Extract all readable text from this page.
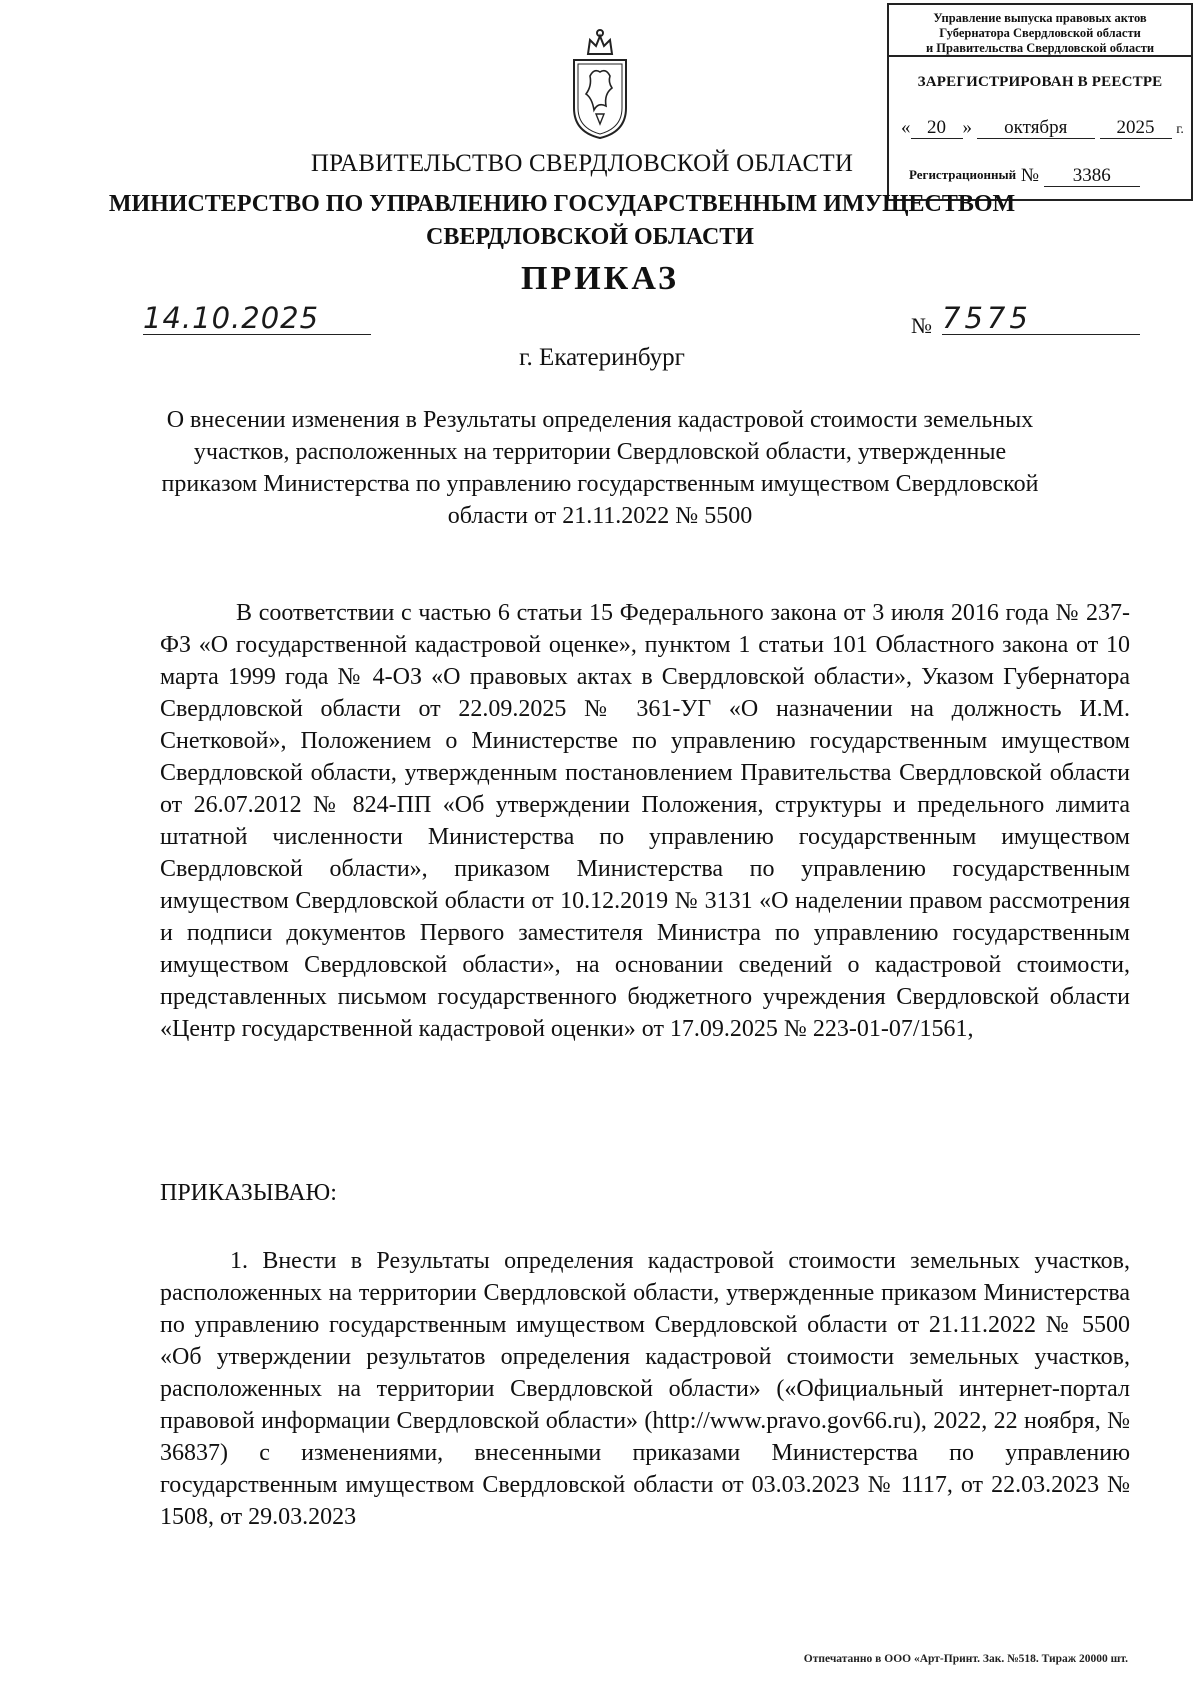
Управление выпуска правовых актов
Губернатора Свердловской области
и Правительства Свердловской области
ЗАРЕГИСТРИРОВАН В РЕЕСТРЕ
« 20 » октября	2025 г.
Регистрационный № 3386
ПРАВИТЕЛЬСТВО СВЕРДЛОВСКОЙ ОБЛАСТИ
МИНИСТЕРСТВО ПО УПРАВЛЕНИЮ ГОСУДАРСТВЕННЫМ ИМУЩЕСТВОМ
СВЕРДЛОВСКОЙ ОБЛАСТИ
ПРИКАЗ
14.10.2025	№ 7575
г. Екатеринбург
О внесении изменения в Результаты определения кадастровой стоимости земельных участков, расположенных на территории Свердловской области, утвержденные приказом Министерства по управлению государственным имуществом Свердловской области от 21.11.2022 № 5500

В соответствии с частью 6 статьи 15 Федерального закона от 3 июля 2016 года № 237-ФЗ «О государственной кадастровой оценке», пунктом 1 статьи 101 Областного закона от 10 марта 1999 года № 4-ОЗ «О правовых актах в Свердловской области», Указом Губернатора Свердловской области от 22.09.2025 № 361-УГ «О назначении на должность И.М. Снетковой», Положением о Министерстве по управлению государственным имуществом Свердловской области, утвержденным постановлением Правительства Свердловской области от 26.07.2012 № 824-ПП «Об утверждении Положения, структуры и предельного лимита штатной численности Министерства по управлению государственным имуществом Свердловской области», приказом Министерства по управлению государственным имуществом Свердловской области от 10.12.2019 № 3131 «О наделении правом рассмотрения и подписи документов Первого заместителя Министра по управлению государственным имуществом Свердловской области», на основании сведений о кадастровой стоимости, представленных письмом государственного бюджетного учреждения Свердловской области «Центр государственной кадастровой оценки» от 17.09.2025 № 223-01-07/1561,

ПРИКАЗЫВАЮ:

1. Внести в Результаты определения кадастровой стоимости земельных участков, расположенных на территории Свердловской области, утвержденные приказом Министерства по управлению государственным имуществом Свердловской области от 21.11.2022 № 5500 «Об утверждении результатов определения кадастровой стоимости земельных участков, расположенных на территории Свердловской области» («Официальный интернет-портал правовой информации Свердловской области» (http://www.pravo.gov66.ru), 2022, 22 ноября, № 36837) с изменениями, внесенными приказами Министерства по управлению государственным имуществом Свердловской области от 03.03.2023 № 1117, от 22.03.2023 № 1508, от 29.03.2023

Отпечатанно в ООО «Арт-Принт. Зак. №518. Тираж 20000 шт.
